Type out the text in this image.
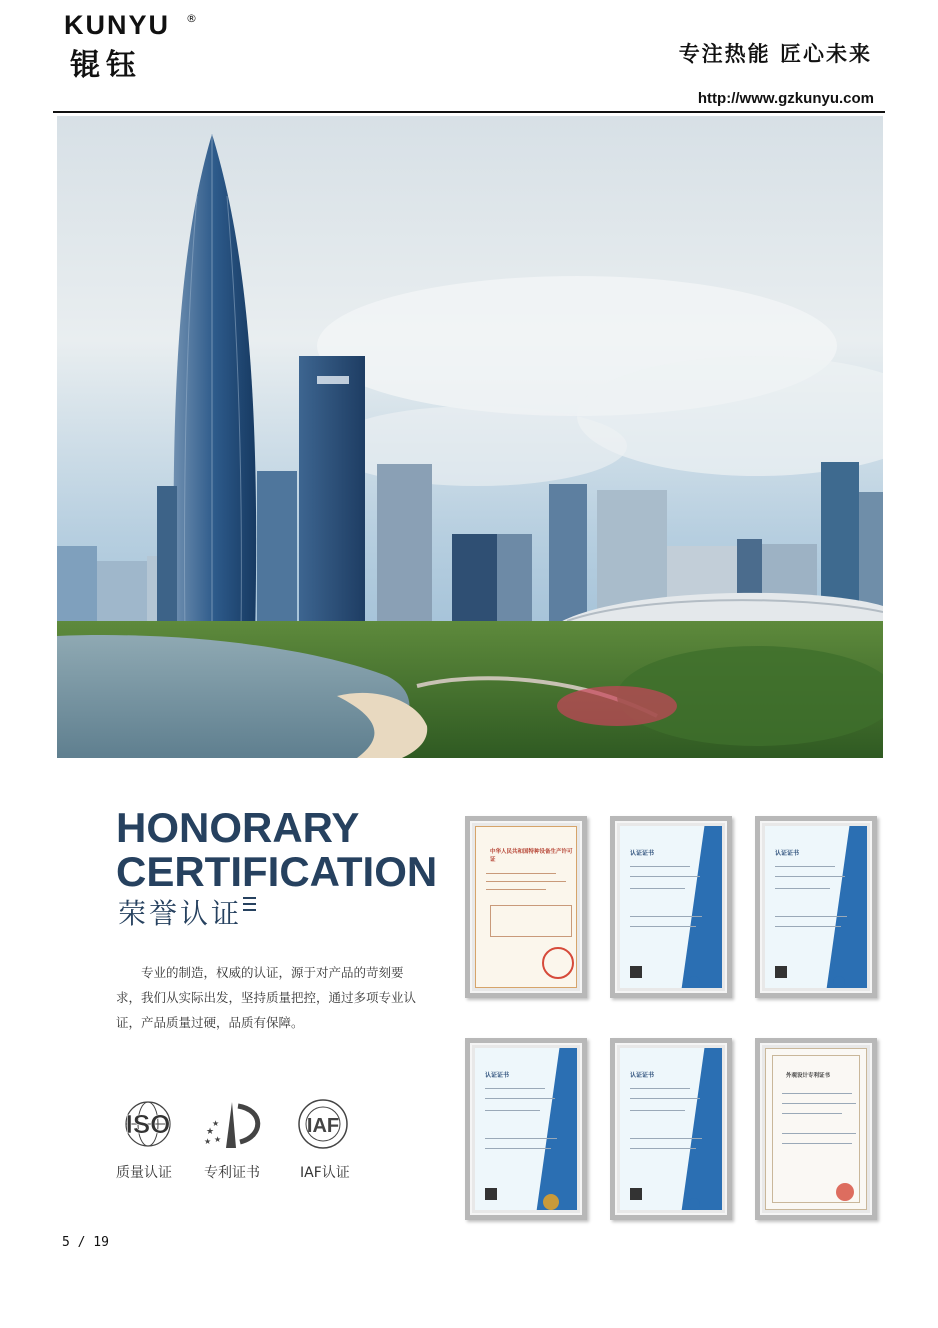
KUNYU ®
锟钰	专注热能 匠心未来
http://www.gzkunyu.com
HONORARY
CERTIFICATION
荣誉认证
专业的制造，权威的认证，源于对产品的苛刻要求，我们从实际出发，坚持质量把控，通过多项专业认证，产品质量过硬，品质有保障。
ISO
质量认证
★
★
★ ★
专利证书
IAF
IAF认证
中华人民共和国特种设备生产许可证
认证证书	认证证书
认证证书	认证证书	外观设计专利证书
5 / 19
